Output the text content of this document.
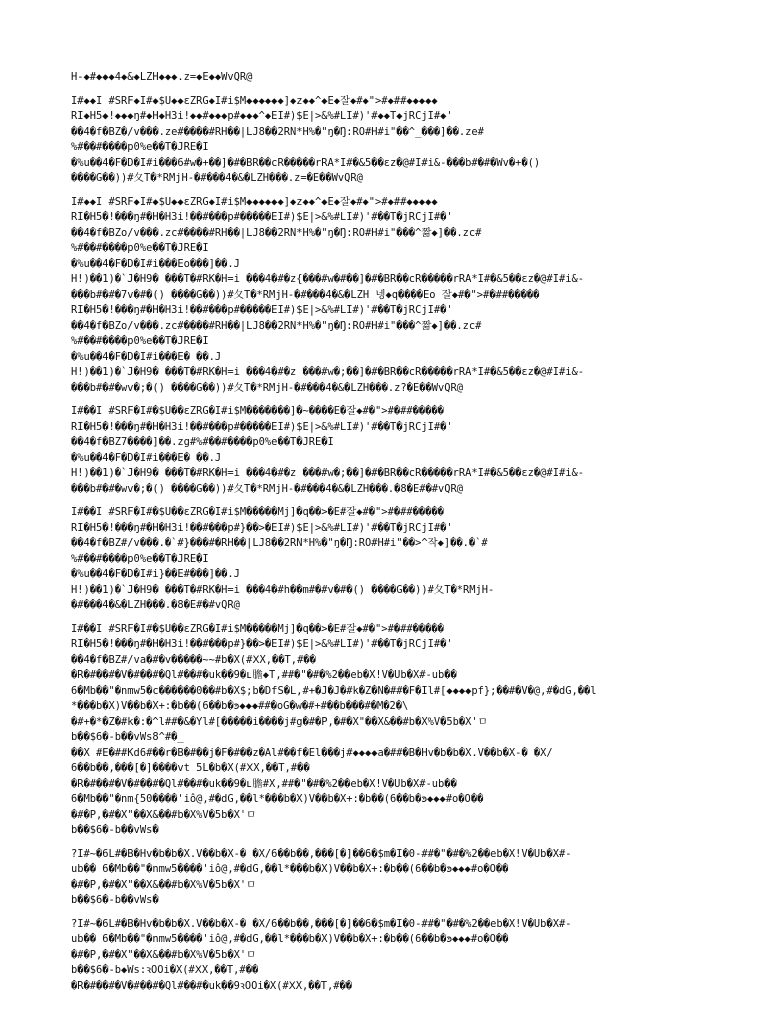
H-◆#◆◆◆4◆&◆LZH◆◆◆.z=◆E◆◆WvQR@
I#◆◆I #SRF◆I#◆$U◆◆εZRG◆I#i$M◆◆◆◆◆◆]◆z◆◆^◆E◆잘◆#◆">#◆##◆◆◆◆◆
RI◆H5◆!◆◆◆ŋ#◆H◆H3i!◆◆#◆◆◆p#◆◆◆^◆EI#)$E|>&%#LI#)'#◆◆T◆jRCjI#◆'
��4�f�BZ�/v���.ze#����#RH��|LJ8��2RN*H%�"ŋ�Ŋ:RO#H#i"��^_���]��.ze#
%#��#����p0%e��T�JRE�I
�%u��4�F�D�I#i���6#w�+��]�#�BR��cR�����rRA*I#�&5��εz�@#I#i&-���b#�#�Wv�+�()
����G��))#夂T�*RMjH-�#���4�&�LZH���.z=�E��WvQR@
I#◆◆I #SRF◆I#◆$U◆◆εZRG◆I#i$M◆◆◆◆◆◆]◆z◆◆^◆E◆잘◆#◆">#◆##◆◆◆◆◆
RI�H5�!���ŋ#�H�H3i!��#���p#�����EI#)$E|>&%#LI#)'#��T�jRCjI#�'
��4�f�BZo/v���.zc#����#RH��|LJ8��2RN*H%�"ŋ�Ŋ:RO#H#i"���^짦◆]��.zc#
%#��#����p0%e��T�JRE�I
�%u��4�F�D�I#i���Eo���]��.J
H!)��1)�`J�H9� ���T�#RK�H=i ���4�#�z{���#w�#��]�#�BR��cR�����rRA*I#�&5��εz�@#I#i&-
���b#�#�7v�#�() ����G��))#夂T�*RMjH-�#���4�&�LZH 넹◆q����Eo 잘◆#�">#�##�����
RI�H5�!���ŋ#�H�H3i!��#���p#�����EI#)$E|>&%#LI#)'#��T�jRCjI#�'
��4�f�BZo/v���.zc#����#RH��|LJ8��2RN*H%�"ŋ�Ŋ:RO#H#i"���^짦◆]��.zc#
%#��#����p0%e��T�JRE�I
�%u��4�F�D�I#i���E� ��.J
H!)��1)�`J�H9� ���T�#RK�H=i ���4�#�z ���#w�;��]�#�BR��cR�����rRA*I#�&5��εz�@#I#i&-
���b#�#�wv�;�() ����G��))#夂T�*RMjH-�#���4�&�LZH���.z?�E��WvQR@
I#��I #SRF�I#�$U��εZRG�I#i$M�������]�~����E�잘◆#�">#�##�����
RI�H5�!���ŋ#�H�H3i!��#���p#�����EI#)$E|>&%#LI#)'#��T�jRCjI#�'
��4�f�BZ7����]��.zg#%#��#����p0%e��T�JRE�I
�%u��4�F�D�I#i���E� ��.J
H!)��1)�`J�H9� ���T�#RK�H=i ���4�#�z ���#w�;��]�#�BR��cR�����rRA*I#�&5��εz�@#I#i&-
���b#�#�wv�;�() ����G��))#夂T�*RMjH-�#���4�&�LZH���.�8�E#�#vQR@
I#��I #SRF�I#�$U��εZRG�I#i$M�����Mj]�q��>�E#잘◆#�">#�##�����
RI�H5�!���ŋ#�H�H3i!��#���p#}��>�EI#)$E|>&%#LI#)'#��T�jRCjI#�'
��4�f�BZ#/v���.�`#}���#�RH��|LJ8��2RN*H%�"ŋ�Ŋ:RO#H#i"��>^작◆]��.�`#
%#��#����p0%e��T�JRE�I
�%u��4�F�D�I#i}��E#���]��.J
H!)��1)�`J�H9� ���T�#RK�H=i ���4�#h��m#�#v�#�() ����G��))#夂T�*RMjH-
�#���4�&�LZH���.�8�E#�#vQR@
I#��I #SRF�I#�$U��εZRG�I#i$M�����Mj]�q��>�E#잘◆#�">#�##�����
RI�H5�!���ŋ#�H�H3i!��#���p#}��>�EI#)$E|>&%#LI#)'#��T�jRCjI#�'
��4�f�BZ#/va�#�v�����~~#b�X(#ꓫX,��T,#��
�R�#��#�V�#��#�Ql#��#�uk��9�ʟ膽◆T,##�"�#�%2��eb�X!V�Ub�X#-ub��
6�Mb��"�nmw5�c������0��#b�X$;b�DfS�L,#+�J�J�#k�Z�N�##�F�Il#[◆◆◆◆pf};��#�V�@,#�dG,��l
*���b�X)V��b�X+:�b��(6��b�ꜿ◆◆◆##�oG�w�#+#��b���#�M�2�\
�#+�*�Z�#k�:�^l##�&�Yl#[�����i����j#g�#�P,�#�X"��X&��#b�X%V�5b�X'ㅁ
b��$6�-b��vWs8^#�_
��X #E�##Kd6#��r�B�#��j�F�#��z�Al#��f�El���j#◆◆◆◆a�##�B�Hv�b�b�X.V��b�X-� �X/
6��b��,���[�]����vt 5L�b�X(#ꓫX,��T,#��
�R�#��#�V�#��#�Ql#��#�uk��9�ʟ膽#X,##�"�#�%2��eb�X!V�Ub�X#-ub��
6�Mb��"�nm{50����'iô@,#�dG,��l*���b�X)V��b�X+:�b��(6��b�ꜿ◆◆◆#o�O��
�#�P,�#�X"��X&��#b�X%V�5b�X'ㅁ
b��$6�-b��vWs�
?I#~�6L#�B�Hv�b�b�X.V��b�X-� �X/6��b��,���[�]��6�$m�I�0-##�"�#�%2��eb�X!V�Ub�X#-
ub�� 6�Mb��"�nmw5����'iô@,#�dG,��l*���b�X)V��b�X+:�b��(6��b�ꜿ◆◆◆#o�O��
�#�P,�#�X"��X&��#b�X%V�5b�X'ㅁ
b��$6�-b��vWs�
?I#~�6L#�B�Hv�b�b�X.V��b�X-� �X/6��b��,���[�]��6�$m�I�0-##�"�#�%2��eb�X!V�Ub�X#-
ub�� 6�Mb��"�nmw5����'iô@,#�dG,��l*���b�X)V��b�X+:�b��(6��b�ꜿ◆◆◆#o�O��
�#�P,�#�X"��X&��#b�X%V�5b�X'ㅁ
b��$6�-b◆Ws:ꝛOOi�X(#ꓫX,��T,#��
�R�#��#�V�#��#�Ql#��#�uk��9ꝛOOi�X(#ꓫX,��T,#��
